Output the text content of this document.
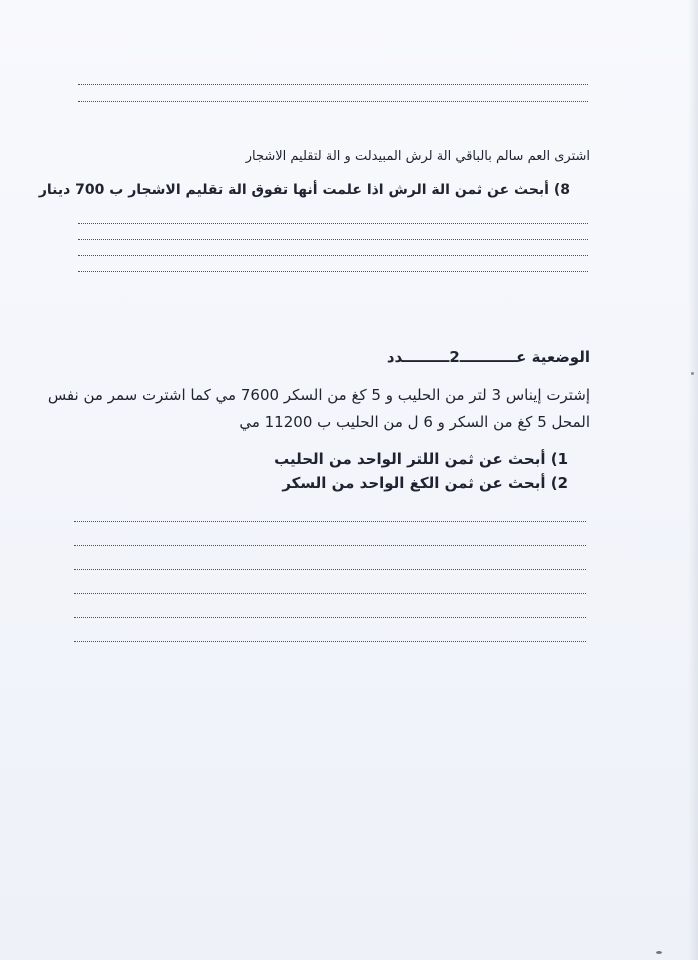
اشترى العم سالم بالباقي الة لرش المبيدلت و الة لتقليم الاشجار
8) أبحث عن ثمن الة الرش اذا علمت أنها تفوق الة تقليم الاشجار ب 700 دينار
الوضعية عـــــــــــ2ـــــــــدد
إشترت إيناس 3 لتر من الحليب و 5 كغ من السكر 7600 مي كما اشترت سمر من نفس
المحل 5 كغ من السكر و 6 ل من الحليب ب 11200 مي
1) أبحث عن ثمن اللتر الواحد من الحليب
2) أبحث عن ثمن الكغ الواحد من السكر
